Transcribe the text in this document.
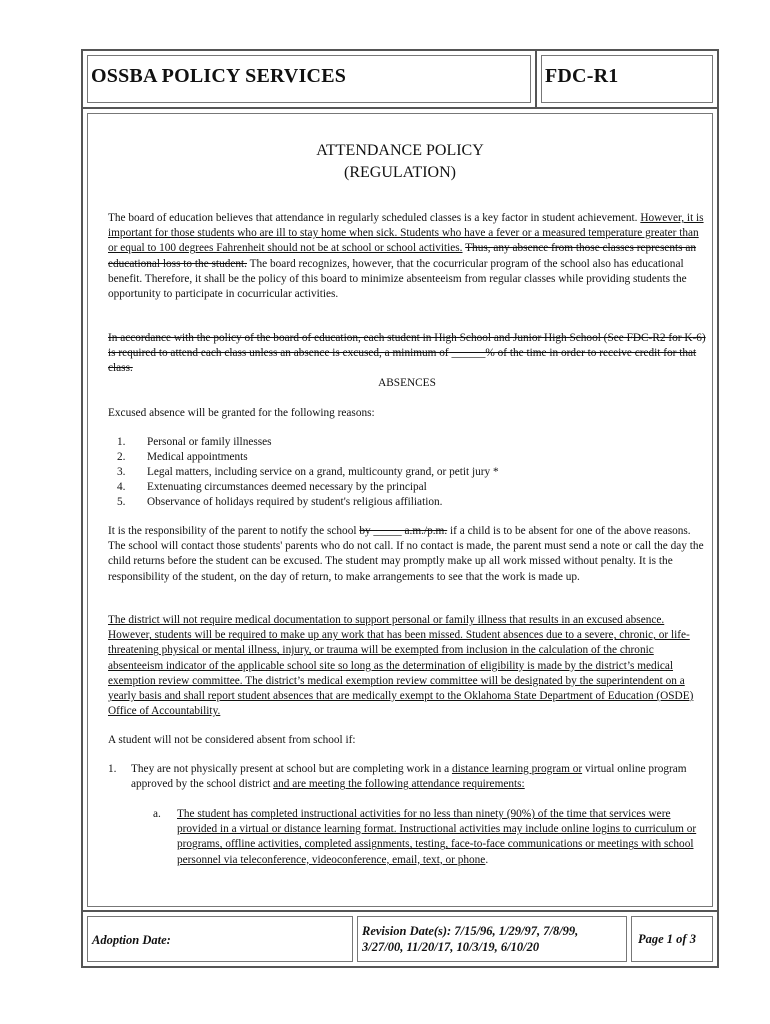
OSSBA POLICY SERVICES	FDC-R1
ATTENDANCE POLICY
(REGULATION)

The board of education believes that attendance in regularly scheduled classes is a key factor in student achievement. However, it is important for those students who are ill to stay home when sick. Students who have a fever or a measured temperature greater than or equal to 100 degrees Fahrenheit should not be at school or school activities. Thus, any absence from those classes represents an educational loss to the student. The board recognizes, however, that the cocurricular program of the school also has educational benefit. Therefore, it shall be the policy of this board to minimize absenteeism from regular classes while providing students the opportunity to participate in cocurricular activities.

In accordance with the policy of the board of education, each student in High School and Junior High School (See FDC-R2 for K-6) is required to attend each class unless an absence is excused, a minimum of ______% of the time in order to receive credit for that class.

ABSENCES
Excused absence will be granted for the following reasons:
1. Personal or family illnesses
2. Medical appointments
3. Legal matters, including service on a grand, multicounty grand, or petit jury *
4. Extenuating circumstances deemed necessary by the principal
5. Observance of holidays required by student's religious affiliation.

It is the responsibility of the parent to notify the school by _____ a.m./p.m. if a child is to be absent for one of the above reasons. The school will contact those students' parents who do not call. If no contact is made, the parent must send a note or call the day the child returns before the student can be excused. The student may promptly make up all work missed without penalty. It is the responsibility of the student, on the day of return, to make arrangements to see that the work is made up.

The district will not require medical documentation to support personal or family illness that results in an excused absence. However, students will be required to make up any work that has been missed. Student absences due to a severe, chronic, or life-threatening physical or mental illness, injury, or trauma will be exempted from inclusion in the calculation of the chronic absenteeism indicator of the applicable school site so long as the determination of eligibility is made by the district’s medical exemption review committee. The district’s medical exemption review committee will be designated by the superintendent on a yearly basis and shall report student absences that are medically exempt to the Oklahoma State Department of Education (OSDE) Office of Accountability.

A student will not be considered absent from school if:
1. They are not physically present at school but are completing work in a distance learning program or virtual online program approved by the school district and are meeting the following attendance requirements:

a. The student has completed instructional activities for no less than ninety (90%) of the time that services were provided in a virtual or distance learning format. Instructional activities may include online logins to curriculum or programs, offline activities, completed assignments, testing, face-to-face communications or meetings with school personnel via teleconference, videoconference, email, text, or phone.

Adoption Date:
Revision Date(s): 7/15/96, 1/29/97, 7/8/99,
3/27/00, 11/20/17, 10/3/19, 6/10/20
Page 1 of 3
